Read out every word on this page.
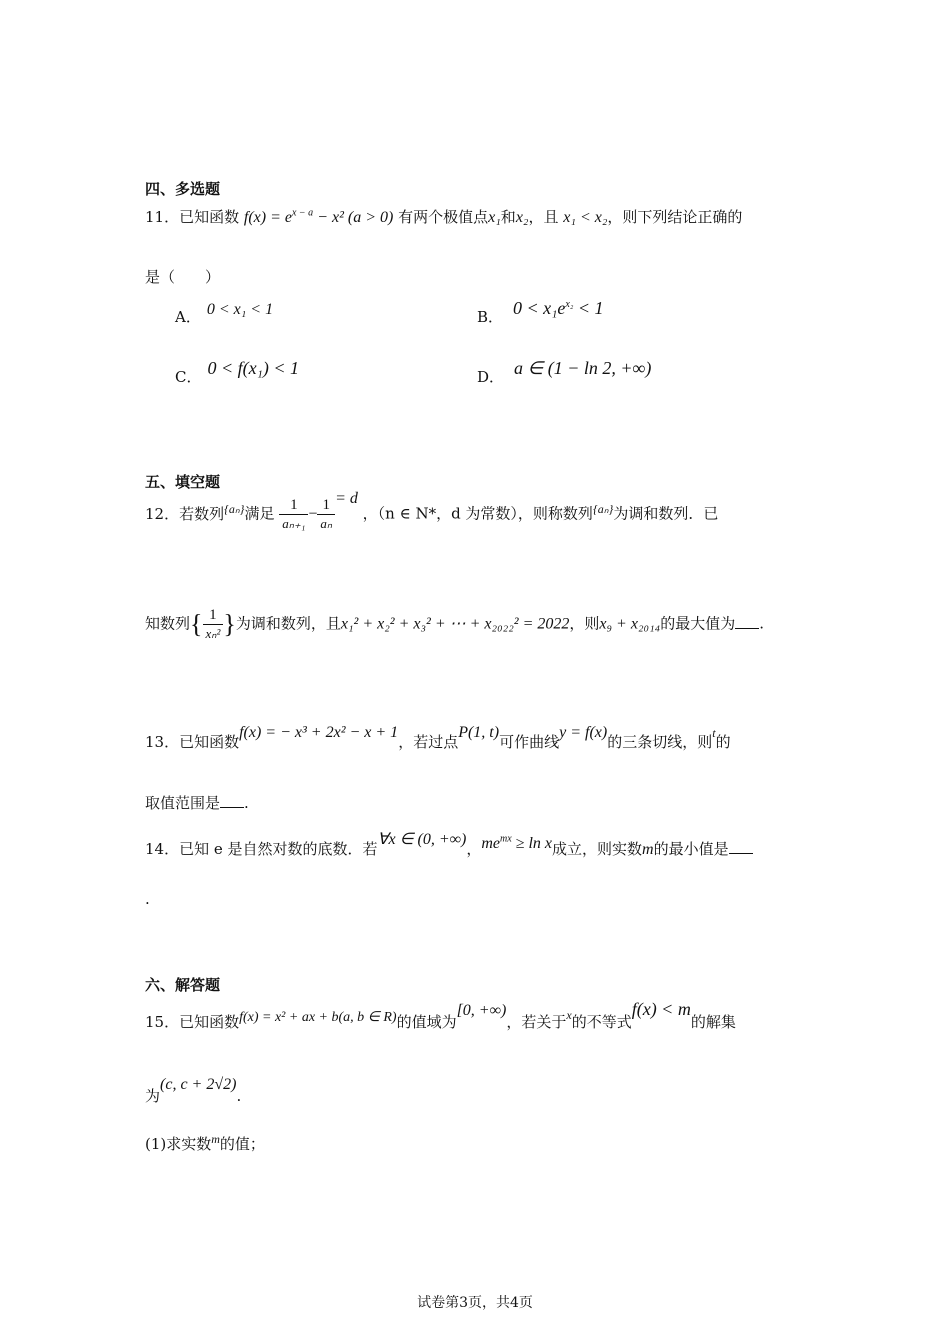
四、多选题
11．已知函数 $f(x) = e^{x - a} - x^2$ (a > 0) 有两个极值点x₁和x₂，且 x₁ < x₂，则下列结论正确的
是（　　）
A． 0 < x₁ < 1	B． $0 < x_1e^{x_2} < 1$
C． 0 < f(x₁) < 1	D． a ∈ (1 − ln 2, +∞)
五、填空题
12．若数列$^{\{a_n\}}$满足 $\frac{1}{\text{aₙ₊₁}} - \frac{1}{\text{aₙ}} = d$ ，（n ∈ N*，d 为常数），则称数列$^{\{a_n\}}$为调和数列．已
知数列{ $\frac{1}{\text{xₙ²}}$ }为调和数列，且x₁² + x₂² + x₃² + ⋯ + x₂₀₂₂² = 2022，则x₉ + x₂₀₁₄的最大值为 .
13．已知函数f(x) = − x³ + 2x² − x + 1，若过点P(1, t)可作曲线y = f(x)的三条切线，则$^t$的
取值范围是 .
14．已知 e 是自然对数的底数．若∀x ∈ (0, +∞)，$me^{mx} \ge \ln x$成立，则实数m的最小值是
.
六、解答题
15．已知函数f(x) = x² + ax + b(a, b ∈ R)的值域为[0, +∞)，若关于$^x$的不等式f(x) < m的解集
为(c, c + 2√2).
(1)求实数$^m$的值；
试卷第3页，共4页
